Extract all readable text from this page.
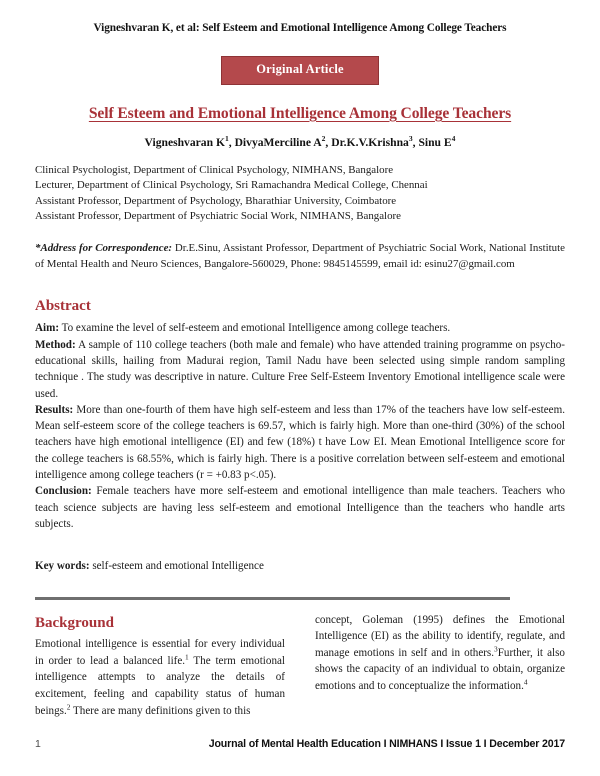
Vigneshvaran K, et al: Self Esteem and Emotional Intelligence Among College Teachers
Original Article
Self Esteem and Emotional Intelligence Among College Teachers
Vigneshvaran $K^1$, DivyaMerciline $A^2$, Dr.K.V.Krishna$^3$, Sinu $E^4$
Clinical Psychologist, Department of Clinical Psychology, NIMHANS, Bangalore
Lecturer, Department of Clinical Psychology, Sri Ramachandra Medical College, Chennai
Assistant Professor, Department of Psychology, Bharathiar University, Coimbatore
Assistant Professor, Department of Psychiatric Social Work, NIMHANS, Bangalore
*Address for Correspondence: Dr.E.Sinu, Assistant Professor, Department of Psychiatric Social Work, National Institute of Mental Health and Neuro Sciences, Bangalore-560029, Phone: 9845145599, email id: esinu27@gmail.com
Abstract

Aim: To examine the level of self-esteem and emotional Intelligence among college teachers.

Method: A sample of 110 college teachers (both male and female) who have attended training programme on psycho-educational skills, hailing from Madurai region, Tamil Nadu have been selected using simple random sampling technique . The study was descriptive in nature. Culture Free Self-Esteem Inventory Emotional intelligence scale were used.

Results: More than one-fourth of them have high self-esteem and less than 17% of the teachers have low self-esteem. Mean self-esteem score of the college teachers is 69.57, which is fairly high. More than one-third (30%) of the school teachers have high emotional intelligence (EI) and few (18%) t have Low EI. Mean Emotional Intelligence score for the college teachers is 68.55%, which is fairly high. There is a positive correlation between self-esteem and emotional intelligence among college teachers (r = +0.83 p<.05).

Conclusion: Female teachers have more self-esteem and emotional intelligence than male teachers. Teachers who teach science subjects are having less self-esteem and emotional Intelligence than the teachers who handle arts subjects.

Key words: self-esteem and emotional Intelligence
Background

Emotional intelligence is essential for every individual in order to lead a balanced life.$^1$ The term emotional intelligence attempts to analyze the details of excitement, feeling and capability status of human beings.$^2$ There are many definitions given to this

concept, Goleman (1995) defines the Emotional Intelligence (EI) as the ability to identify, regulate, and manage emotions in self and in others.$^3$Further, it also shows the capacity of an individual to obtain, organize emotions and to conceptualize the information.$^4$

1	Journal of Mental Health Education I NIMHANS I Issue 1 I December 2017
